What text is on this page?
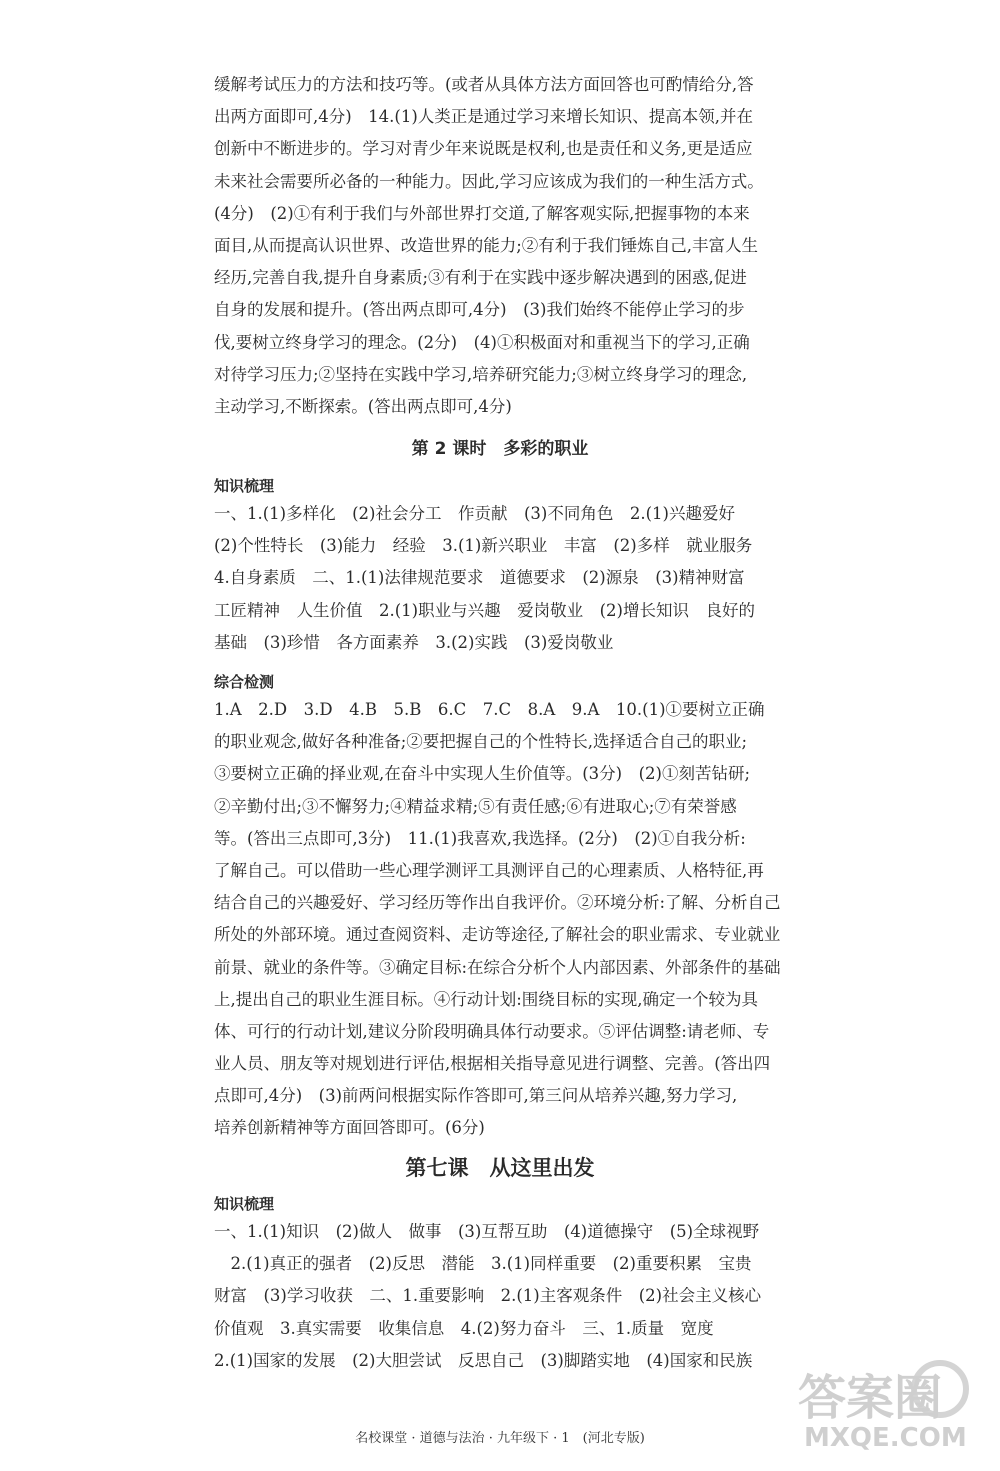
缓解考试压力的方法和技巧等。(或者从具体方法方面回答也可酌情给分,答
出两方面即可,4分)　14.(1)人类正是通过学习来增长知识、提高本领,并在
创新中不断进步的。学习对青少年来说既是权利,也是责任和义务,更是适应
未来社会需要所必备的一种能力。因此,学习应该成为我们的一种生活方式。
(4分)　(2)①有利于我们与外部世界打交道,了解客观实际,把握事物的本来
面目,从而提高认识世界、改造世界的能力;②有利于我们锤炼自己,丰富人生
经历,完善自我,提升自身素质;③有利于在实践中逐步解决遇到的困惑,促进
自身的发展和提升。(答出两点即可,4分)　(3)我们始终不能停止学习的步
伐,要树立终身学习的理念。(2分)　(4)①积极面对和重视当下的学习,正确
对待学习压力;②坚持在实践中学习,培养研究能力;③树立终身学习的理念,
主动学习,不断探索。(答出两点即可,4分)
第 2 课时　多彩的职业
知识梳理
一、1.(1)多样化　(2)社会分工　作贡献　(3)不同角色　2.(1)兴趣爱好
(2)个性特长　(3)能力　经验　3.(1)新兴职业　丰富　(2)多样　就业服务
4.自身素质　二、1.(1)法律规范要求　道德要求　(2)源泉　(3)精神财富
工匠精神　人生价值　2.(1)职业与兴趣　爱岗敬业　(2)增长知识　良好的
基础　(3)珍惜　各方面素养　3.(2)实践　(3)爱岗敬业
综合检测
1.A　2.D　3.D　4.B　5.B　6.C　7.C　8.A　9.A　10.(1)①要树立正确
的职业观念,做好各种准备;②要把握自己的个性特长,选择适合自己的职业;
③要树立正确的择业观,在奋斗中实现人生价值等。(3分)　(2)①刻苦钻研;
②辛勤付出;③不懈努力;④精益求精;⑤有责任感;⑥有进取心;⑦有荣誉感
等。(答出三点即可,3分)　11.(1)我喜欢,我选择。(2分)　(2)①自我分析:
了解自己。可以借助一些心理学测评工具测评自己的心理素质、人格特征,再
结合自己的兴趣爱好、学习经历等作出自我评价。②环境分析:了解、分析自己
所处的外部环境。通过查阅资料、走访等途径,了解社会的职业需求、专业就业
前景、就业的条件等。③确定目标:在综合分析个人内部因素、外部条件的基础
上,提出自己的职业生涯目标。④行动计划:围绕目标的实现,确定一个较为具
体、可行的行动计划,建议分阶段明确具体行动要求。⑤评估调整:请老师、专
业人员、朋友等对规划进行评估,根据相关指导意见进行调整、完善。(答出四
点即可,4分)　(3)前两问根据实际作答即可,第三问从培养兴趣,努力学习,
培养创新精神等方面回答即可。(6分)
第七课　从这里出发
知识梳理
一、1.(1)知识　(2)做人　做事　(3)互帮互助　(4)道德操守　(5)全球视野
　2.(1)真正的强者　(2)反思　潜能　3.(1)同样重要　(2)重要积累　宝贵
财富　(3)学习收获　二、1.重要影响　2.(1)主客观条件　(2)社会主义核心
价值观　3.真实需要　收集信息　4.(2)努力奋斗　三、1.质量　宽度
2.(1)国家的发展　(2)大胆尝试　反思自己　(3)脚踏实地　(4)国家和民族
名校课堂 · 道德与法治 · 九年级下 · 1　(河北专版)
答案圈
MXQE.COM
